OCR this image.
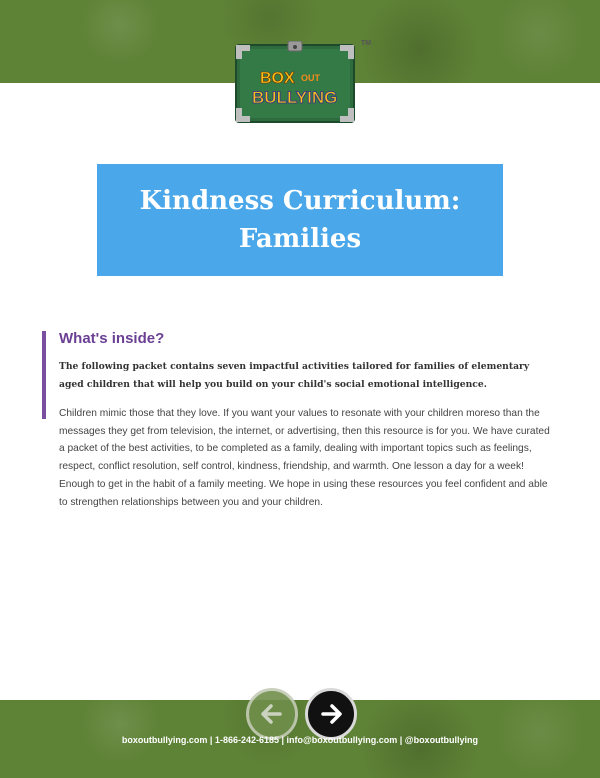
BOX OUT
BULLYING
TM
Kindness Curriculum:
Families
What's inside?
The following packet contains seven impactful activities tailored for families of elementary aged children that will help you build on your child's social emotional intelligence.
Children mimic those that they love. If you want your values to resonate with your children moreso than the messages they get from television, the internet, or advertising, then this resource is for you. We have curated a packet of the best activities, to be completed as a family, dealing with important topics such as feelings, respect, conflict resolution, self control, kindness, friendship, and warmth. One lesson a day for a week! Enough to get in the habit of a family meeting. We hope in using these resources you feel confident and able to strengthen relationships between you and your children.
boxoutbullying.com | 1-866-242-6185 | info@boxoutbullying.com | @boxoutbullying
